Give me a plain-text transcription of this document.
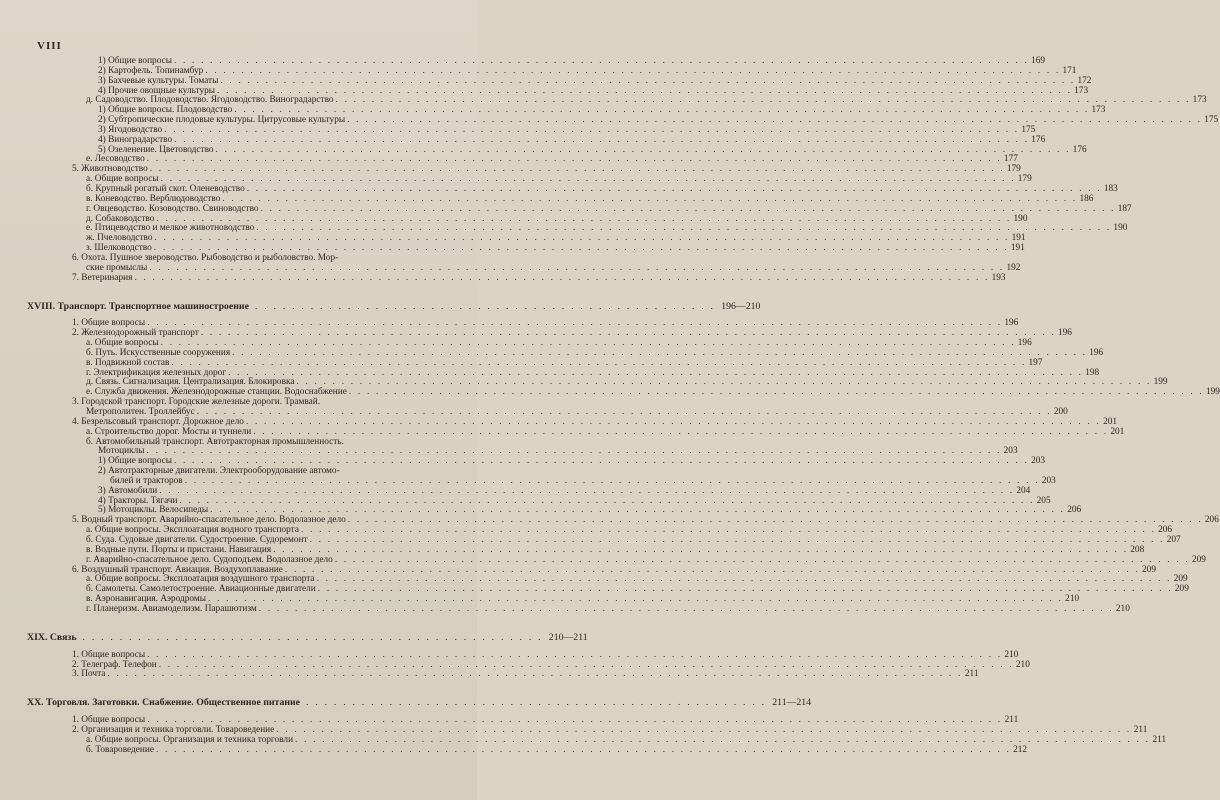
VIII
1) Общие вопросы . . .	169
2) Картофель. Топинамбур . . .	171
3) Бахчевые культуры. Томаты . . .	172
4) Прочие овощные культуры . . .	173
д. Садоводство. Плодоводство. Ягодоводство. Виноградарство . . .	173
1) Общие вопросы. Плодоводство . . .	173
2) Субтропические плодовые культуры. Цитрусовые культуры . . .	175
3) Ягодоводство . . .	175
4) Виноградарство . . .	176
5) Озеленение. Цветоводство . . .	176
е. Лесоводство . . .	177
5. Животноводство . . .	179
а. Общие вопросы . . .	179
б. Крупный рогатый скот. Оленеводство . . .	183
в. Коневодство. Верблюдоводство . . .	186
г. Овцеводство. Козоводство. Свиноводство . . .	187
д. Собаководство . . .	190
е. Птицеводство и мелкое животноводство . . .	190
ж. Пчеловодство . . .	191
з. Шелководство . . .	191
6. Охота. Пушное звероводство. Рыбоводство и рыболовство. Мор-
ские промыслы . . .	192
7. Ветеринария . . .	193
XVIII. Транспорт. Транспортное машиностроение . . .	196—210
1. Общие вопросы . . .	196
2. Железнодорожный транспорт . . .	196
а. Общие вопросы . . .	196
б. Путь. Искусственные сооружения . . .	196
в. Подвижной состав . . .	197
г. Электрификация железных дорог . . .	198
д. Связь. Сигнализация. Централизация. Блокировка . . .	199
е. Служба движения. Железнодорожные станции. Водоснабжение . . .	199
3. Городской транспорт. Городские железные дороги. Трамвай.
Метрополитен. Троллейбус . . .	200
4. Безрельсовый транспорт. Дорожное дело . . .	201
а. Строительство дорог. Мосты и туннели . . .	201
б. Автомобильный транспорт. Автотракторная промышленность.
Мотоциклы . . .	203
1) Общие вопросы . . .	203
2) Автотракторные двигатели. Электрооборудование автомо-
билей и тракторов . . .	203
3) Автомобили . . .	204
4) Тракторы. Тягачи . . .	205
5) Мотоциклы. Велосипеды . . .	206
5. Водный транспорт. Аварийно-спасательное дело. Водолазное дело . . .	206
а. Общие вопросы. Эксплоатация водного транспорта . . .	206
б. Суда. Судовые двигатели. Судостроение. Судоремонт . . .	207
в. Водные пути. Порты и пристани. Навигация . . .	208
г. Аварийно-спасательное дело. Судоподъем. Водолазное дело . . .	209
6. Воздушный транспорт. Авиация. Воздухоплавание . . .	209
а. Общие вопросы. Эксплоатация воздушного транспорта . . .	209
б. Самолеты. Самолетостроение. Авиационные двигатели . . .	209
в. Аэронавигация. Аэродромы . . .	210
г. Планеризм. Авиамоделизм. Парашютизм . . .	210
XIX. Связь . . .	210—211
1. Общие вопросы . . .	210
2. Телеграф. Телефон . . .	210
3. Почта . . .	211
XX. Торговля. Заготовки. Снабжение. Общественное питание . . .	211—214
1. Общие вопросы . . .	211
2. Организация и техника торговли. Товароведение . . .	211
а. Общие вопросы. Организация и техника торговли . . .	211
б. Товароведение . . .	212
